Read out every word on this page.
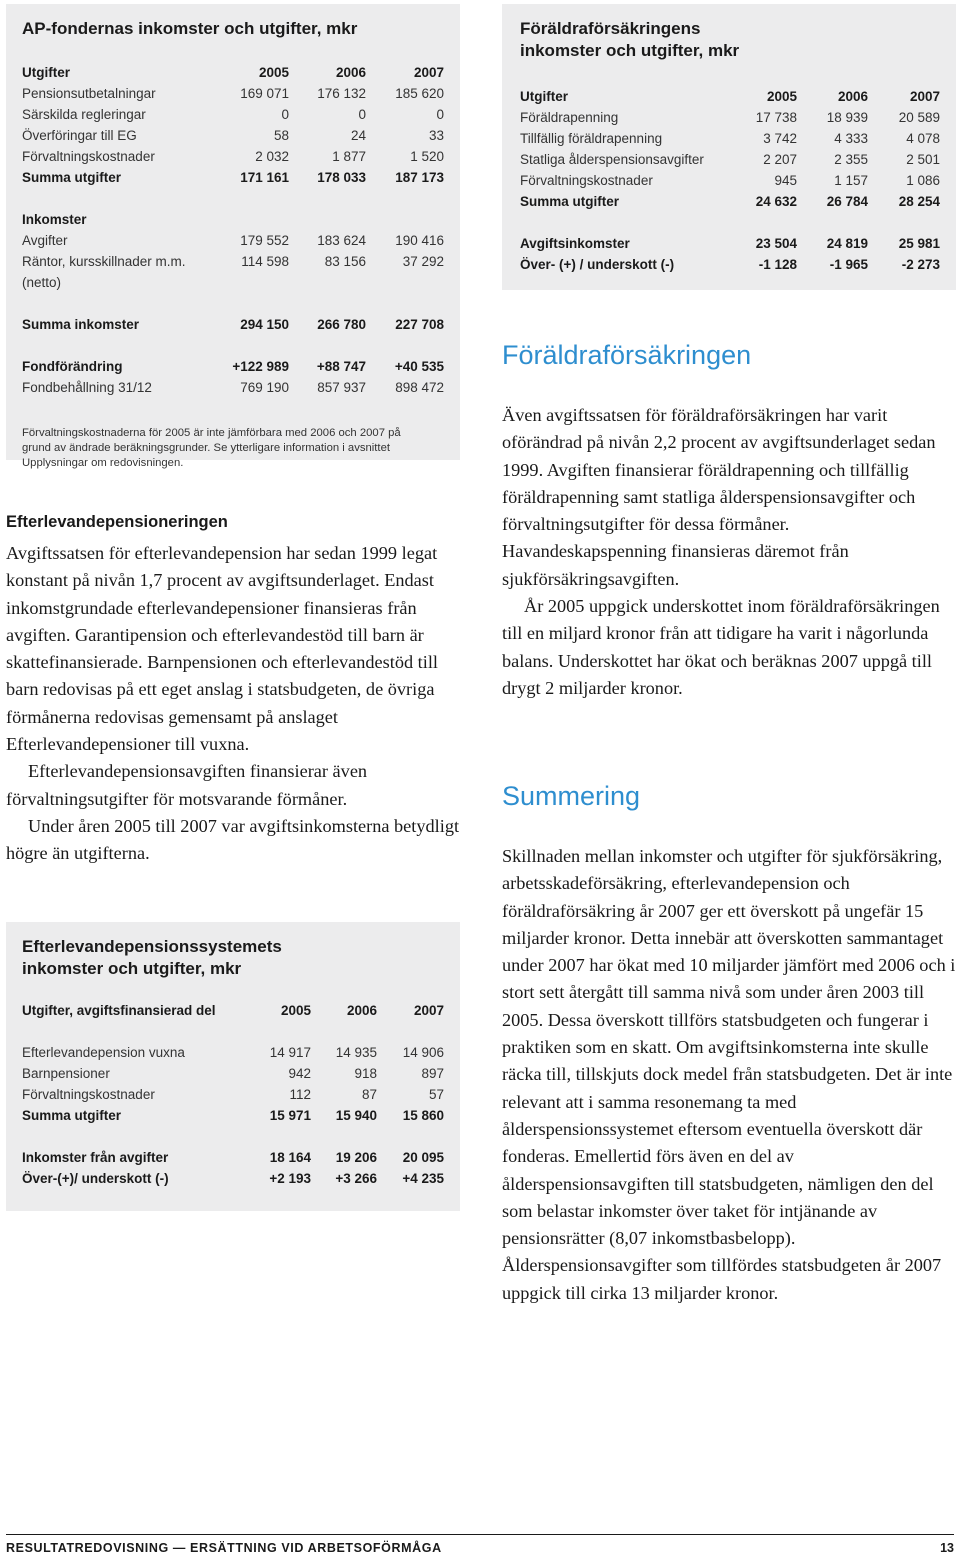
AP-fondernas inkomster och utgifter, mkr
Utgifter	2005	2006	2007
Pensionsutbetalningar	169 071	176 132	185 620
Särskilda regleringar	0	0	0
Överföringar till EG	58	24	33
Förvaltningskostnader	2 032	1 877	1 520
Summa utgifter	171 161	178 033	187 173

Inkomster			
Avgifter	179 552	183 624	190 416
Räntor, kursskillnader m.m.	114 598	83 156	37 292
(netto)			

Summa inkomster	294 150	266 780	227 708

Fondförändring	+122 989	+88 747	+40 535
Fondbehållning 31/12	769 190	857 937	898 472

Förvaltningskostnaderna för 2005 är inte jämförbara med 2006 och 2007 på grund av ändrade beräkningsgrunder. Se ytterligare information i avsnittet Upplysningar om redovisningen.

Föräldraförsäkringens
inkomster och utgifter, mkr
Utgifter	2005	2006	2007
Föräldrapenning	17 738	18 939	20 589
Tillfällig föräldrapenning	3 742	4 333	4 078
Statliga ålderspensionsavgifter	2 207	2 355	2 501
Förvaltningskostnader	945	1 157	1 086
Summa utgifter	24 632	26 784	28 254

Avgiftsinkomster	23 504	24 819	25 981
Över- (+) / underskott (-)	-1 128	-1 965	-2 273
Efterlevandepensioneringen

Avgiftssatsen för efterlevandepension har sedan 1999 legat konstant på nivån 1,7 procent av avgiftsunderlaget. Endast inkomstgrundade efterlevandepensioner finansieras från avgiften. Garantipension och efterlevandestöd till barn är skattefinansierade. Barnpensionen och efterlevandestöd till barn redovisas på ett eget anslag i statsbudgeten, de övriga förmånerna redovisas gemensamt på anslaget Efterlevandepensioner till vuxna.

Efterlevandepensionsavgiften finansierar även förvaltningsutgifter för motsvarande förmåner.

Under åren 2005 till 2007 var avgiftsinkomsterna betydligt högre än utgifterna.

Efterlevandepensionssystemets
inkomster och utgifter, mkr
Utgifter, avgiftsfinansierad del	2005	2006	2007

Efterlevandepension vuxna	14 917	14 935	14 906
Barnpensioner	942	918	897
Förvaltningskostnader	112	87	57
Summa utgifter	15 971	15 940	15 860

Inkomster från avgifter	18 164	19 206	20 095
Över-(+)/ underskott (-)	+2 193	+3 266	+4 235
Föräldraförsäkringen

Även avgiftssatsen för föräldraförsäkringen har varit oförändrad på nivån 2,2 procent av avgiftsunderlaget sedan 1999. Avgiften finansierar föräldrapenning och tillfällig föräldrapenning samt statliga ålderspensionsavgifter och förvaltningsutgifter för dessa förmåner. Havandeskapspenning finansieras däremot från sjukförsäkringsavgiften.

År 2005 uppgick underskottet inom föräldraförsäkringen till en miljard kronor från att tidigare ha varit i någorlunda balans. Underskottet har ökat och beräknas 2007 uppgå till drygt 2 miljarder kronor.

Summering

Skillnaden mellan inkomster och utgifter för sjukförsäkring, arbetsskadeförsäkring, efterlevandepension och föräldraförsäkring år 2007 ger ett överskott på ungefär 15 miljarder kronor. Detta innebär att överskotten sammantaget under 2007 har ökat med 10 miljarder jämfört med 2006 och i stort sett återgått till samma nivå som under åren 2003 till 2005. Dessa överskott tillförs statsbudgeten och fungerar i praktiken som en skatt. Om avgiftsinkomsterna inte skulle räcka till, tillskjuts dock medel från statsbudgeten. Det är inte relevant att i samma resonemang ta med ålderspensionssystemet eftersom eventuella överskott där fonderas. Emellertid förs även en del av ålderspensionsavgiften till statsbudgeten, nämligen den del som belastar inkomster över taket för intjänande av pensionsrätter (8,07 inkomstbasbelopp). Ålderspensionsavgifter som tillfördes statsbudgeten år 2007 uppgick till cirka 13 miljarder kronor.

RESULTATREDOVISNING — ERSÄTTNING VID ARBETSOFÖRMÅGA	13
